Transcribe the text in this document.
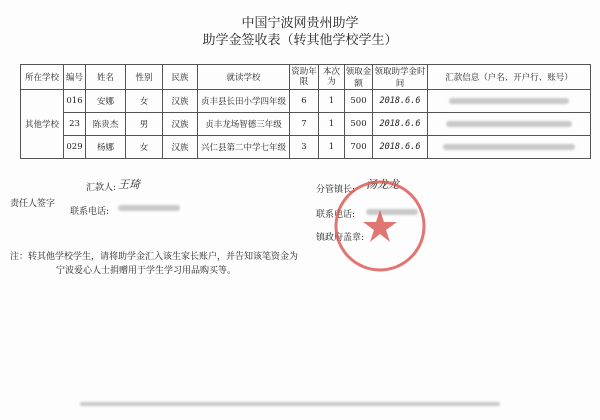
中国宁波网贵州助学
助学金签收表（转其他学校学生）
所在学校	编号	姓名	性别	民族	就读学校	资助年限	本次为	领取金额	领取助学金时间	汇款信息（户名、开户行、账号）
其他学校	016	安娜	女	汉族	贞丰县长田小学四年级	6	1	500	2018.6.6	
	23	陈贵杰	男	汉族	贞丰龙场智德三年级	7	1	500	2018.6.6	
	029	杨娜	女	汉族	兴仁县第二中学七年级	3	1	700	2018.6.6	
责任人签字
汇款人: 王琦
联系电话:
分管镇长: 汤龙龙
联系电话:
镇政府盖章:
注：转其他学校学生，请将助学金汇入该生家长账户，并告知该笔资金为
宁波爱心人士捐赠用于学生学习用品购买等。
